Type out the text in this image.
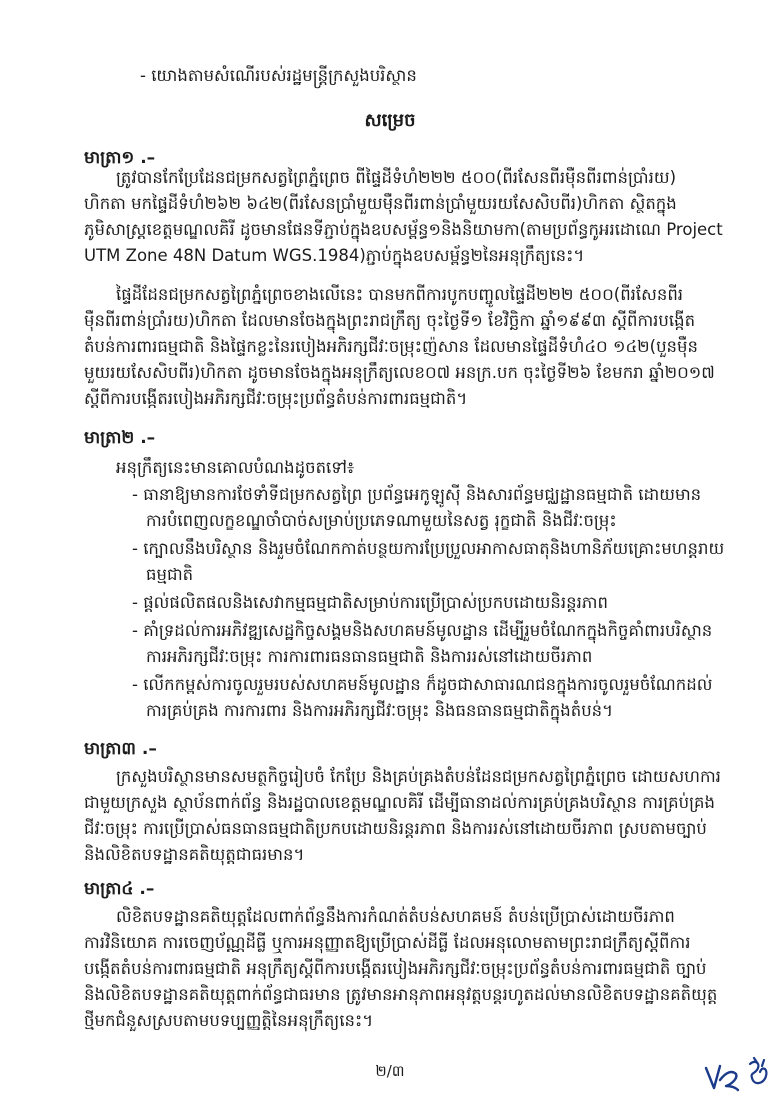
- យោងតាមសំណើរបស់រដ្ឋមន្ត្រីក្រសួងបរិស្ថាន
សម្រេច
មាត្រា១ .–
ត្រូវបានកែប្រែដែនជម្រកសត្វព្រៃភ្នំព្រេច ពីផ្ទៃដីទំហំ២២២ ៥០០(ពីរសែនពីរម៉ឺនពីរពាន់ប្រាំរយ)
ហិកតា មកផ្ទៃដីទំហំ២៦២ ៦៤២(ពីរសែនប្រាំមួយម៉ឺនពីរពាន់ប្រាំមួយរយសែសិបពីរ)ហិកតា ស្ថិតក្នុង
ភូមិសាស្ត្រខេត្តមណ្ឌលគិរី ដូចមានផែនទីភ្ជាប់ក្នុងឧបសម្ព័ន្ធ១និងនិយាមកា(តាមប្រព័ន្ធកូអរដោណេ Project
UTM Zone 48N Datum WGS.1984)ភ្ជាប់ក្នុងឧបសម្ព័ន្ធ២នៃអនុក្រឹត្យនេះ។
ផ្ទៃដីដែនជម្រកសត្វព្រៃភ្នំព្រេចខាងលើនេះ បានមកពីការបូកបញ្ចូលផ្ទៃដី២២២ ៥០០(ពីរសែនពីរ
ម៉ឺនពីរពាន់ប្រាំរយ)ហិកតា ដែលមានចែងក្នុងព្រះរាជក្រឹត្យ ចុះថ្ងៃទី១ ខែវិច្ឆិកា ឆ្នាំ១៩៩៣ ស្តីពីការបង្កើត
តំបន់ការពារធម្មជាតិ និងផ្ទៃកខ្លះនៃរបៀងអភិរក្សជីវៈចម្រុះញ៉សាន ដែលមានផ្ទៃដីទំហំ៤០ ១៤២(បួនម៉ឺន
មួយរយសែសិបពីរ)ហិកតា ដូចមានចែងក្នុងអនុក្រឹត្យលេខ០៧ អនក្រ.បក ចុះថ្ងៃទី២៦ ខែមករា ឆ្នាំ២០១៧
ស្តីពីការបង្កើតរបៀងអភិរក្សជីវៈចម្រុះប្រព័ន្ធតំបន់ការពារធម្មជាតិ។
មាត្រា២ .–
អនុក្រឹត្យនេះមានគោលបំណងដូចតទៅ៖
- ធានាឱ្យមានការថែទាំទីជម្រកសត្វព្រៃ ប្រព័ន្ធអេកូឡូស៊ី និងសារព័ន្ធមជ្ឈដ្ឋានធម្មជាតិ ដោយមាន
ការបំពេញលក្ខខណ្ឌចាំបាច់សម្រាប់ប្រភេទណាមួយនៃសត្វ រុក្ខជាតិ និងជីវៈចម្រុះ
- ក្បោលនឹងបរិស្ថាន និងរួមចំណែកកាត់បន្ថយការប្រែប្រួលអាកាសធាតុនិងហានិភ័យគ្រោះមហន្តរាយ
ធម្មជាតិ
- ផ្តល់ផលិតផលនិងសេវាកម្មធម្មជាតិសម្រាប់ការប្រើប្រាស់ប្រកបដោយនិរន្តរភាព
- គាំទ្រដល់ការអភិវឌ្ឍសេដ្ឋកិច្ចសង្គមនិងសហគមន៍មូលដ្ឋាន ដើម្បីរួមចំណែកក្នុងកិច្ចគាំពារបរិស្ថាន
ការអភិរក្សជីវៈចម្រុះ ការការពារធនធានធម្មជាតិ និងការរស់នៅដោយចីរភាព
- លើកកម្ពស់ការចូលរួមរបស់សហគមន៍មូលដ្ឋាន ក៏ដូចជាសាធារណជនក្នុងការចូលរួមចំណែកដល់
ការគ្រប់គ្រង ការការពារ និងការអភិរក្សជីវៈចម្រុះ និងធនធានធម្មជាតិក្នុងតំបន់។
មាត្រា៣ .–
ក្រសួងបរិស្ថានមានសមត្ថកិច្ចរៀបចំ កែប្រែ និងគ្រប់គ្រងតំបន់ដែនជម្រកសត្វព្រៃភ្នំព្រេច ដោយសហការ
ជាមួយក្រសួង ស្ថាប័នពាក់ព័ន្ធ និងរដ្ឋបាលខេត្តមណ្ឌលគិរី ដើម្បីធានាដល់ការគ្រប់គ្រងបរិស្ថាន ការគ្រប់គ្រង
ជីវៈចម្រុះ ការប្រើប្រាស់ធនធានធម្មជាតិប្រកបដោយនិរន្តរភាព និងការរស់នៅដោយចីរភាព ស្របតាមច្បាប់
និងលិខិតបទដ្ឋានគតិយុត្តជាធរមាន។
មាត្រា៤ .–
លិខិតបទដ្ឋានគតិយុត្តដែលពាក់ព័ន្ធនឹងការកំណត់តំបន់សហគមន៍ តំបន់ប្រើប្រាស់ដោយចីរភាព
ការវិនិយោគ ការចេញប័ណ្ណដីធ្លី ឬការអនុញ្ញាតឱ្យប្រើប្រាស់ដីធ្លី ដែលអនុលោមតាមព្រះរាជក្រឹត្យស្តីពីការ
បង្កើតតំបន់ការពារធម្មជាតិ អនុក្រឹត្យស្តីពីការបង្កើតរបៀងអភិរក្សជីវៈចម្រុះប្រព័ន្ធតំបន់ការពារធម្មជាតិ ច្បាប់
និងលិខិតបទដ្ឋានគតិយុត្តពាក់ព័ន្ធជាធរមាន ត្រូវមានអានុភាពអនុវត្តបន្តរហូតដល់មានលិខិតបទដ្ឋានគតិយុត្ត
ថ្មីមកជំនួសស្របតាមបទប្បញ្ញត្តិនៃអនុក្រឹត្យនេះ។
២/៣
